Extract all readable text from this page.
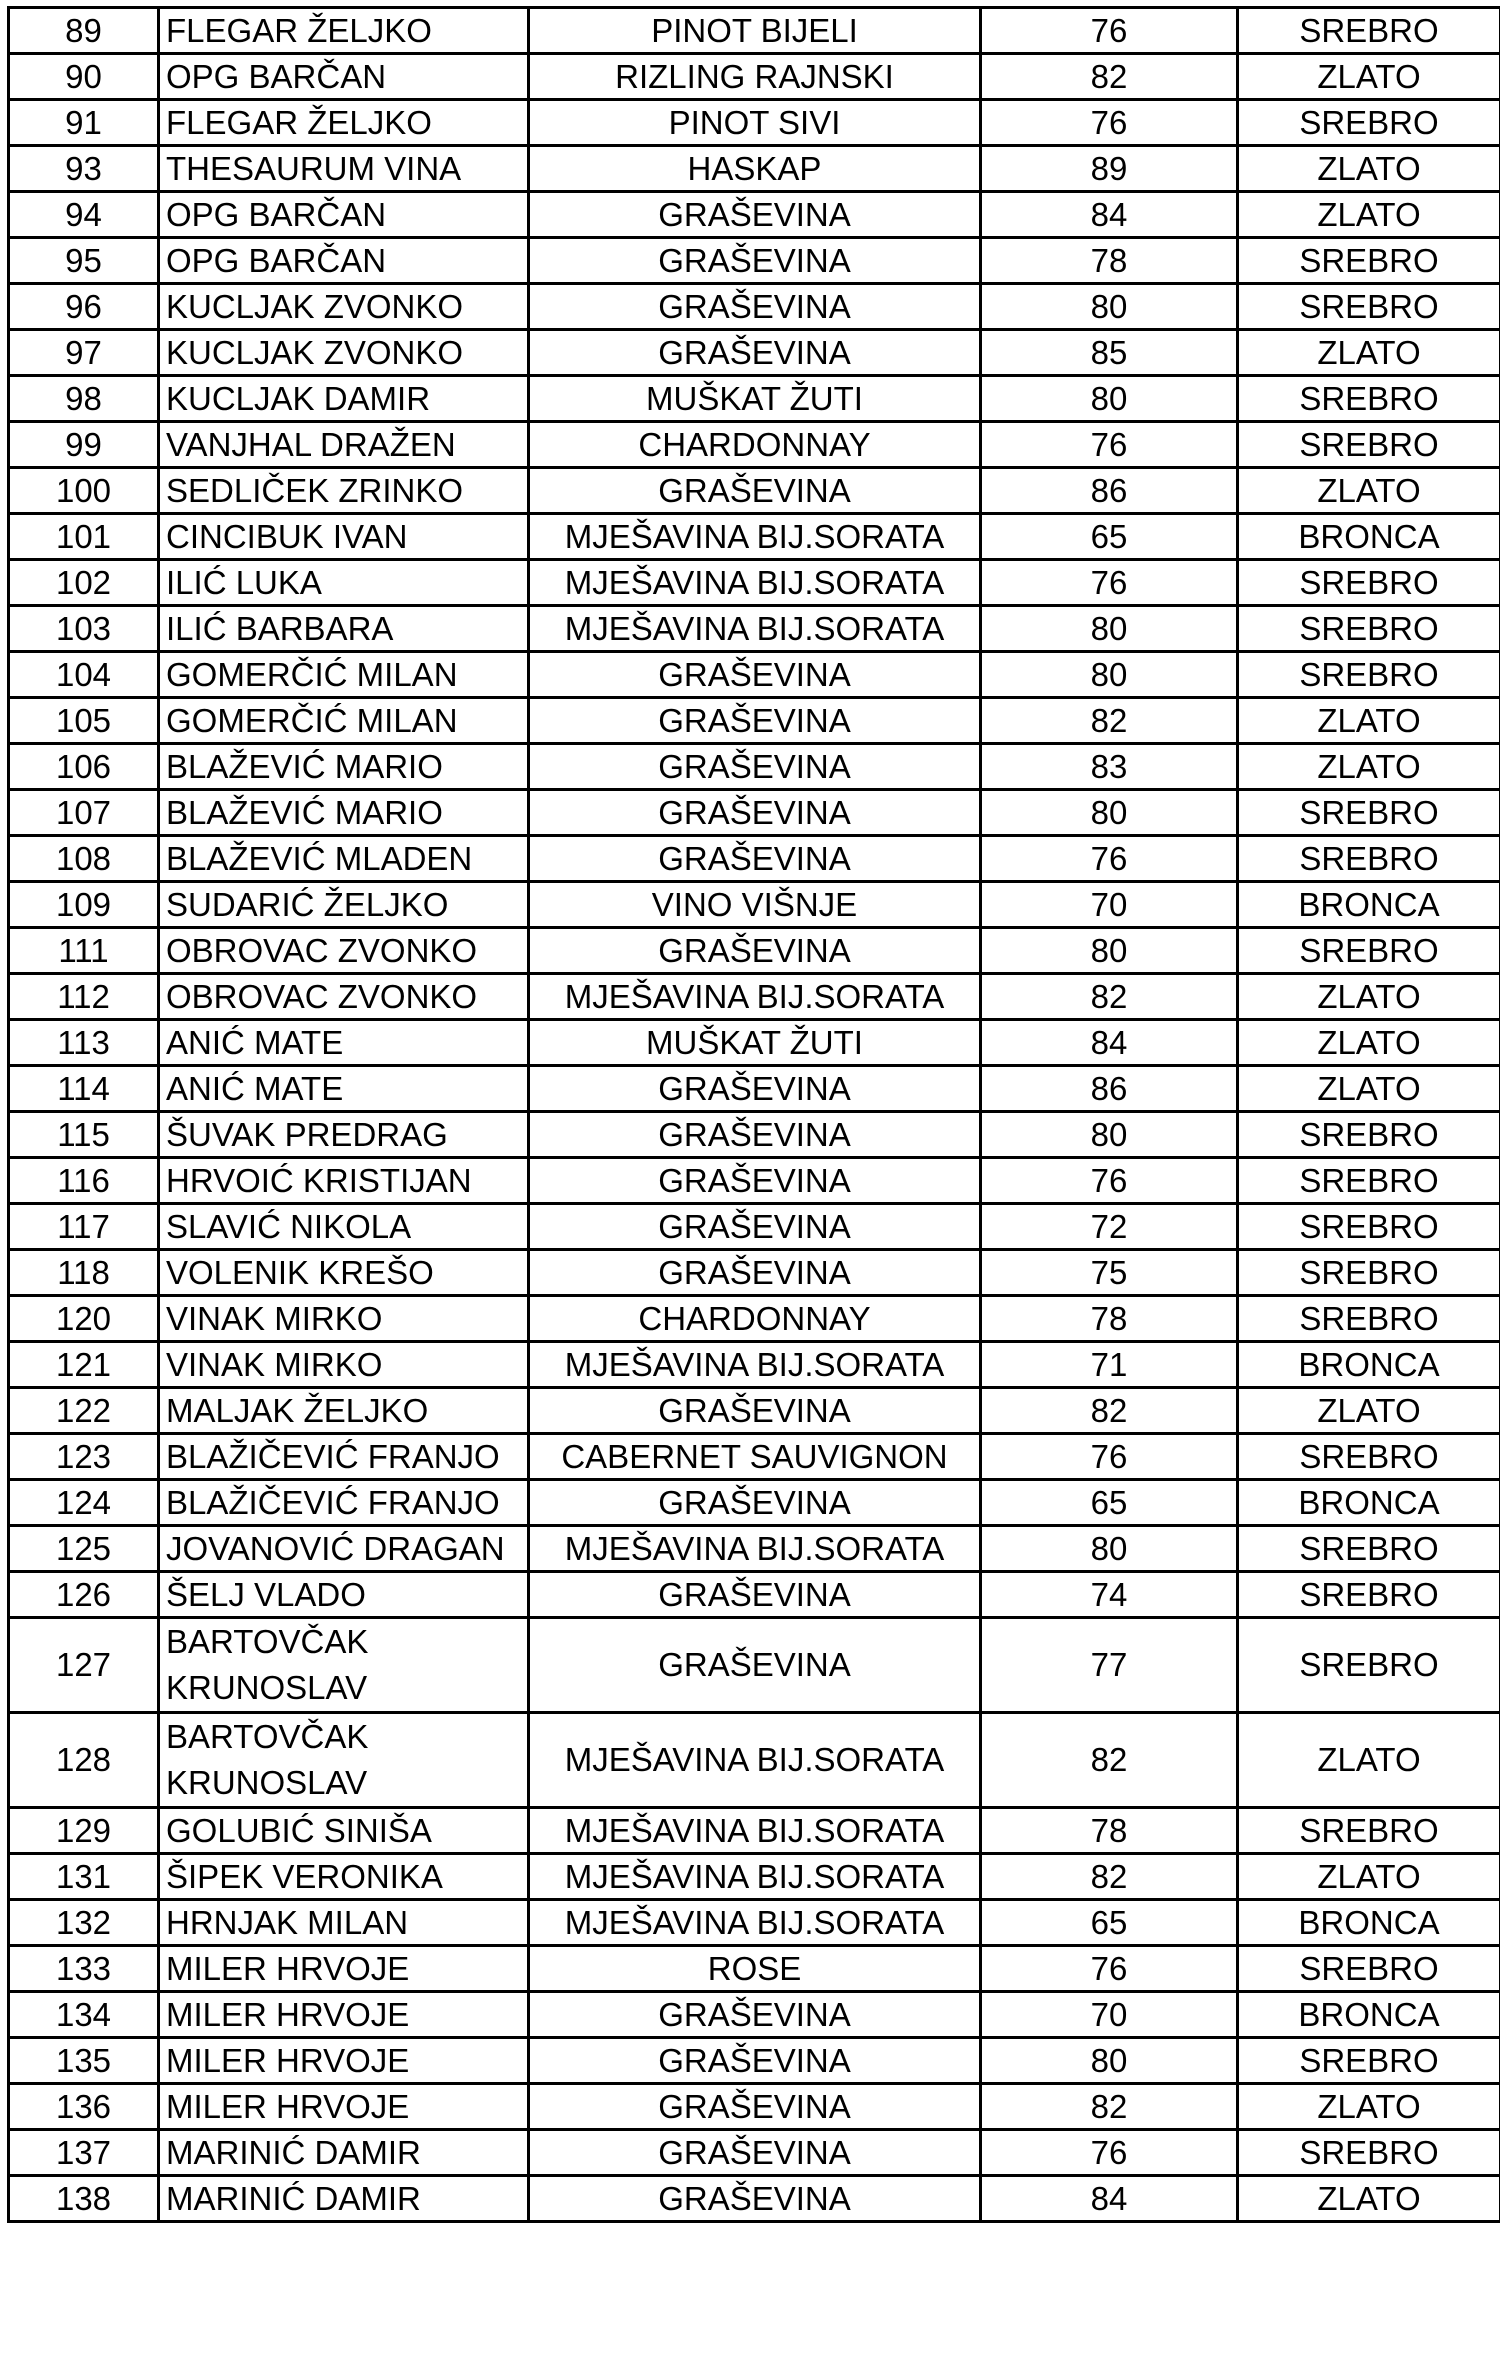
89	FLEGAR ŽELJKO	PINOT BIJELI	76	SREBRO
90	OPG BARČAN	RIZLING RAJNSKI	82	ZLATO
91	FLEGAR ŽELJKO	PINOT SIVI	76	SREBRO
93	THESAURUM VINA	HASKAP	89	ZLATO
94	OPG BARČAN	GRAŠEVINA	84	ZLATO
95	OPG BARČAN	GRAŠEVINA	78	SREBRO
96	KUCLJAK ZVONKO	GRAŠEVINA	80	SREBRO
97	KUCLJAK ZVONKO	GRAŠEVINA	85	ZLATO
98	KUCLJAK DAMIR	MUŠKAT ŽUTI	80	SREBRO
99	VANJHAL DRAŽEN	CHARDONNAY	76	SREBRO
100	SEDLIČEK ZRINKO	GRAŠEVINA	86	ZLATO
101	CINCIBUK IVAN	MJEŠAVINA BIJ.SORATA	65	BRONCA
102	ILIĆ LUKA	MJEŠAVINA BIJ.SORATA	76	SREBRO
103	ILIĆ BARBARA	MJEŠAVINA BIJ.SORATA	80	SREBRO
104	GOMERČIĆ MILAN	GRAŠEVINA	80	SREBRO
105	GOMERČIĆ MILAN	GRAŠEVINA	82	ZLATO
106	BLAŽEVIĆ MARIO	GRAŠEVINA	83	ZLATO
107	BLAŽEVIĆ MARIO	GRAŠEVINA	80	SREBRO
108	BLAŽEVIĆ MLADEN	GRAŠEVINA	76	SREBRO
109	SUDARIĆ ŽELJKO	VINO VIŠNJE	70	BRONCA
111	OBROVAC ZVONKO	GRAŠEVINA	80	SREBRO
112	OBROVAC ZVONKO	MJEŠAVINA BIJ.SORATA	82	ZLATO
113	ANIĆ MATE	MUŠKAT ŽUTI	84	ZLATO
114	ANIĆ MATE	GRAŠEVINA	86	ZLATO
115	ŠUVAK PREDRAG	GRAŠEVINA	80	SREBRO
116	HRVOIĆ KRISTIJAN	GRAŠEVINA	76	SREBRO
117	SLAVIĆ NIKOLA	GRAŠEVINA	72	SREBRO
118	VOLENIK KREŠO	GRAŠEVINA	75	SREBRO
120	VINAK MIRKO	CHARDONNAY	78	SREBRO
121	VINAK MIRKO	MJEŠAVINA BIJ.SORATA	71	BRONCA
122	MALJAK ŽELJKO	GRAŠEVINA	82	ZLATO
123	BLAŽIČEVIĆ FRANJO	CABERNET SAUVIGNON	76	SREBRO
124	BLAŽIČEVIĆ FRANJO	GRAŠEVINA	65	BRONCA
125	JOVANOVIĆ DRAGAN	MJEŠAVINA BIJ.SORATA	80	SREBRO
126	ŠELJ VLADO	GRAŠEVINA	74	SREBRO
127	BARTOVČAK KRUNOSLAV	GRAŠEVINA	77	SREBRO
128	BARTOVČAK KRUNOSLAV	MJEŠAVINA BIJ.SORATA	82	ZLATO
129	GOLUBIĆ SINIŠA	MJEŠAVINA BIJ.SORATA	78	SREBRO
131	ŠIPEK VERONIKA	MJEŠAVINA BIJ.SORATA	82	ZLATO
132	HRNJAK MILAN	MJEŠAVINA BIJ.SORATA	65	BRONCA
133	MILER HRVOJE	ROSE	76	SREBRO
134	MILER HRVOJE	GRAŠEVINA	70	BRONCA
135	MILER HRVOJE	GRAŠEVINA	80	SREBRO
136	MILER HRVOJE	GRAŠEVINA	82	ZLATO
137	MARINIĆ DAMIR	GRAŠEVINA	76	SREBRO
138	MARINIĆ DAMIR	GRAŠEVINA	84	ZLATO
